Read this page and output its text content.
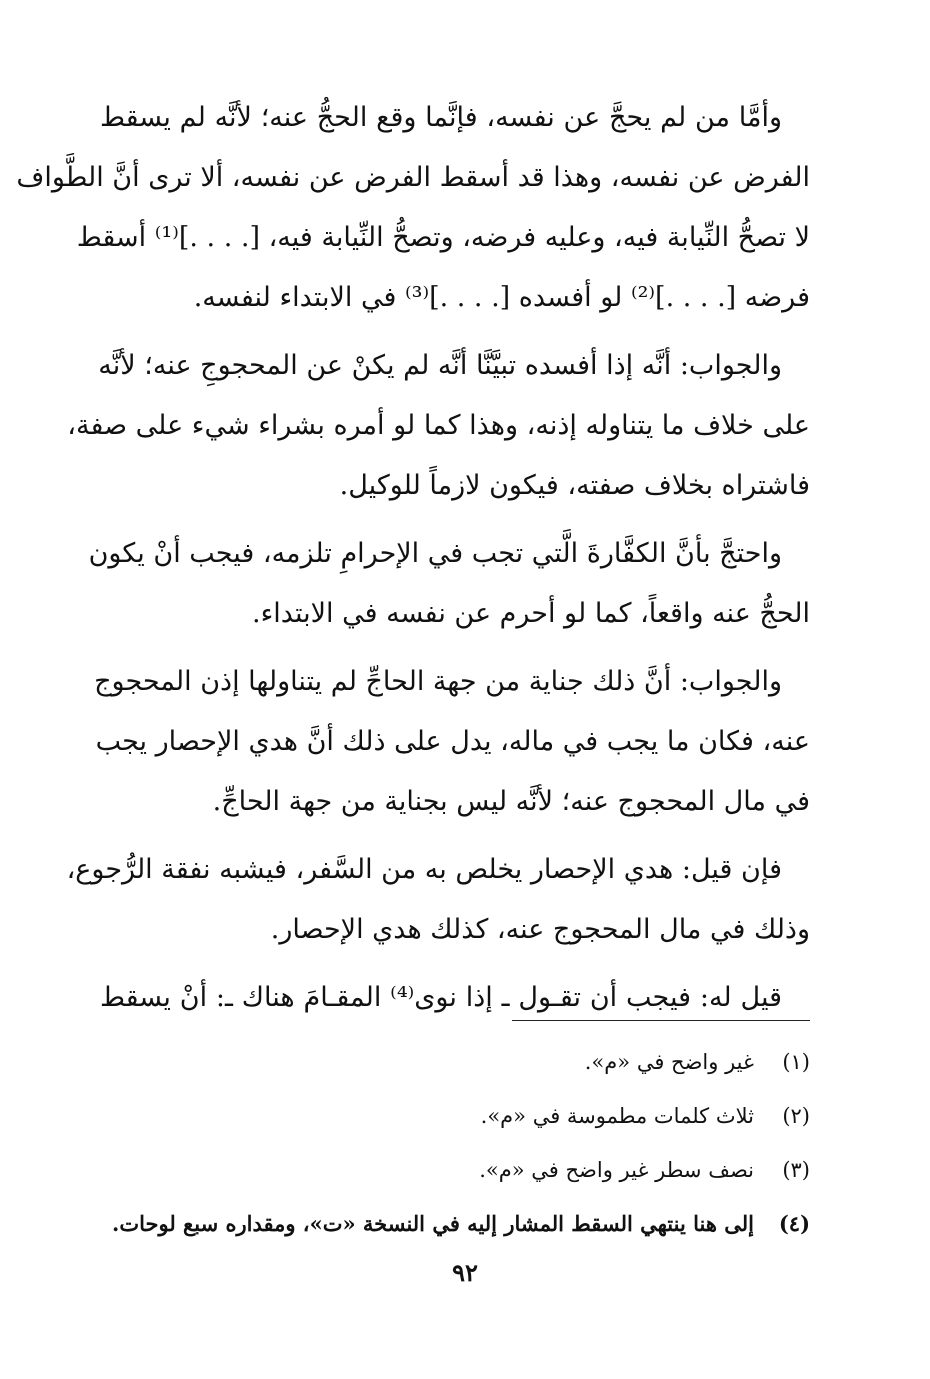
وأمَّا من لم يحجَّ عن نفسه، فإنَّما وقع الحجُّ عنه؛ لأنَّه لم يسقط
الفرض عن نفسه، وهذا قد أسقط الفرض عن نفسه، ألا ترى أنَّ الطَّواف
لا تصحُّ النِّيابة فيه، وعليه فرضه، وتصحُّ النِّيابة فيه، [. . . .]⁽¹⁾ أسقط
فرضه [. . . .]⁽²⁾ لو أفسده [. . . .]⁽³⁾ في الابتداء لنفسه.

والجواب: أنَّه إذا أفسده تبيَّنَّا أنَّه لم يكنْ عن المحجوجِ عنه؛ لأنَّه
على خلاف ما يتناوله إذنه، وهذا كما لو أمره بشراء شيء على صفة،
فاشتراه بخلاف صفته، فيكون لازماً للوكيل.

واحتجَّ بأنَّ الكفَّارةَ الَّتي تجب في الإحرامِ تلزمه، فيجب أنْ يكون
الحجُّ عنه واقعاً، كما لو أحرم عن نفسه في الابتداء.

والجواب: أنَّ ذلك جناية من جهة الحاجِّ لم يتناولها إذن المحجوج
عنه، فكان ما يجب في ماله، يدل على ذلك أنَّ هدي الإحصار يجب
في مال المحجوج عنه؛ لأنَّه ليس بجناية من جهة الحاجِّ.

فإن قيل: هدي الإحصار يخلص به من السَّفر، فيشبه نفقة الرُّجوع،
وذلك في مال المحجوج عنه، كذلك هدي الإحصار.

قيل له: فيجب أن تقـول ـ إذا نوى⁽⁴⁾ المقـامَ هناك ـ: أنْ يسقط

(١)
غير واضح في «م».
(٢)
ثلاث كلمات مطموسة في «م».
(٣)
نصف سطر غير واضح في «م».
(٤)
إلى هنا ينتهي السقط المشار إليه في النسخة «ت»، ومقداره سبع لوحات.
٩٢
